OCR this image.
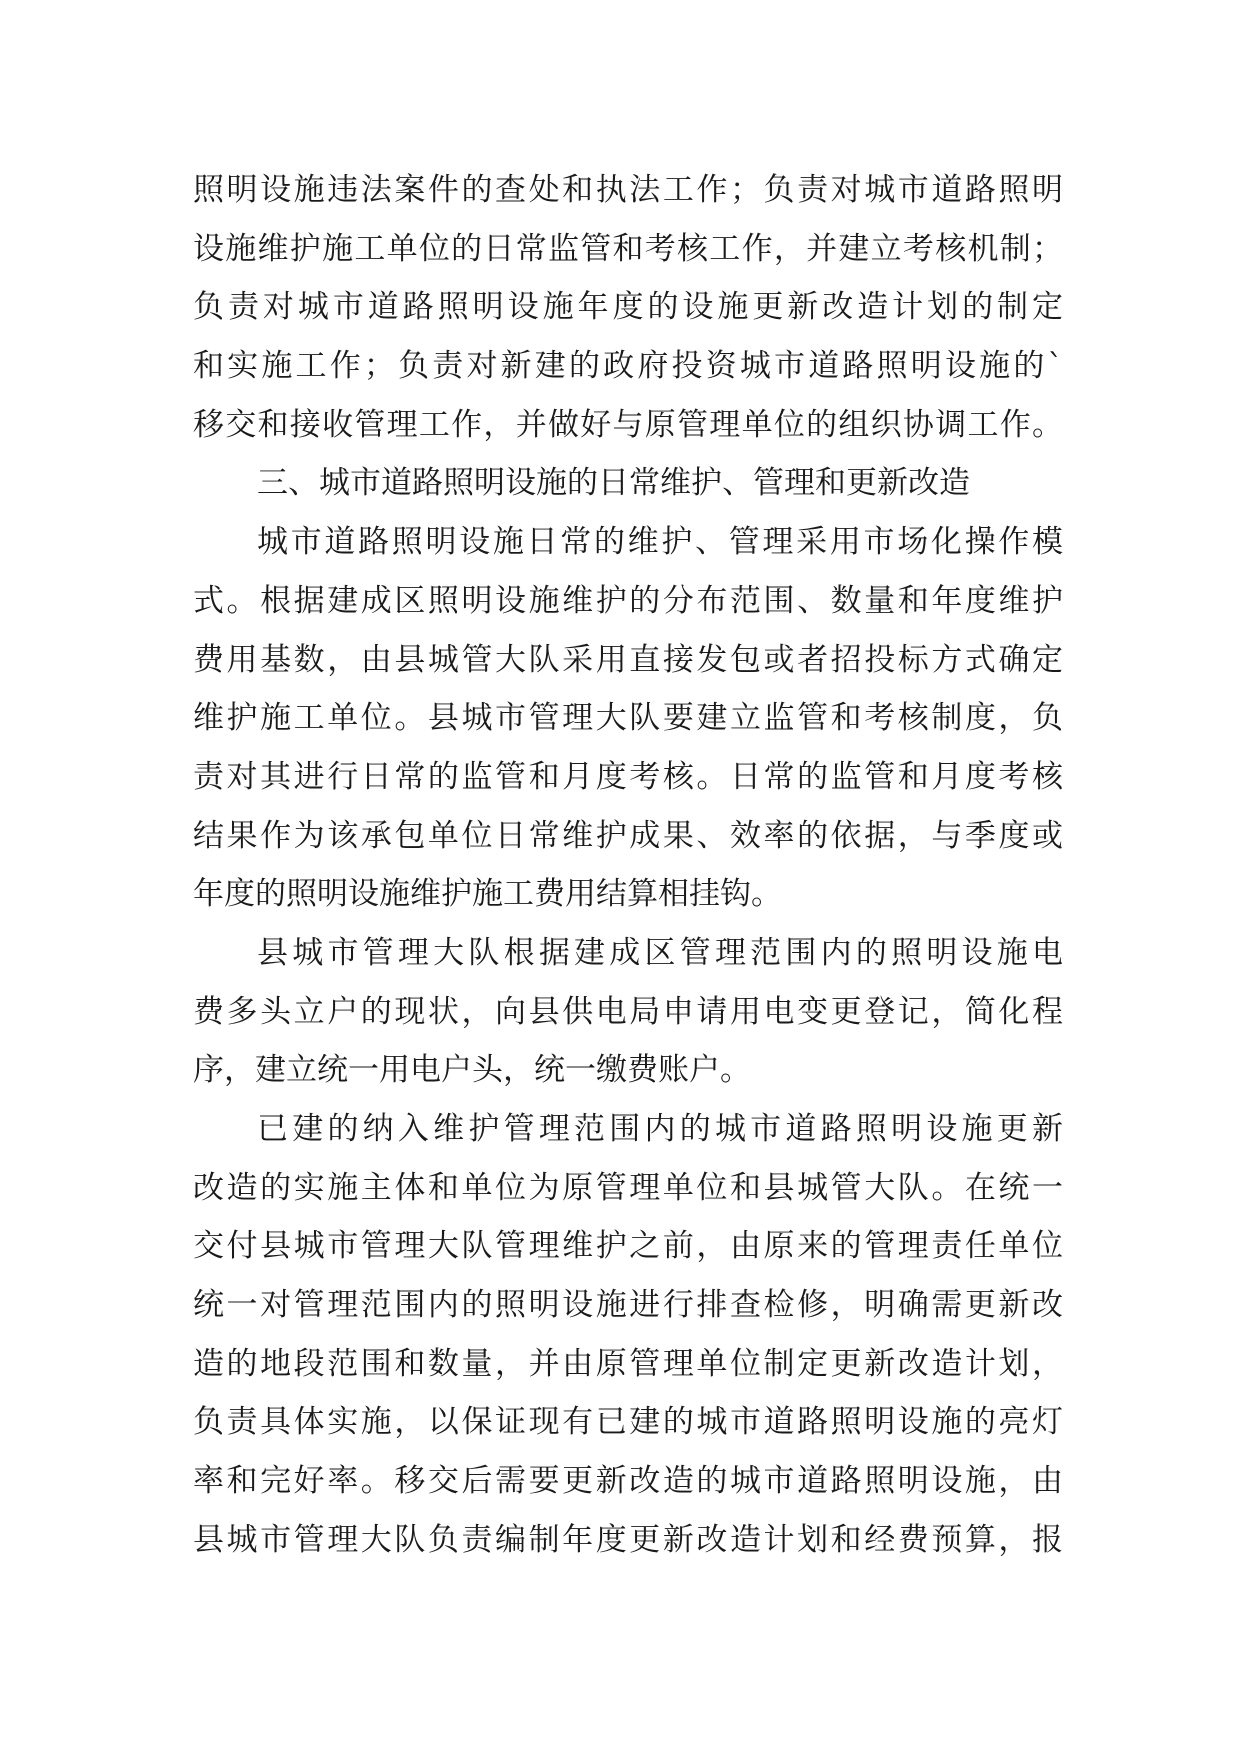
照明设施违法案件的查处和执法工作；负责对城市道路照明
设施维护施工单位的日常监管和考核工作，并建立考核机制；
负责对城市道路照明设施年度的设施更新改造计划的制定
和实施工作；负责对新建的政府投资城市道路照明设施的`
移交和接收管理工作，并做好与原管理单位的组织协调工作。
三、城市道路照明设施的日常维护、管理和更新改造
城市道路照明设施日常的维护、管理采用市场化操作模
式。根据建成区照明设施维护的分布范围、数量和年度维护
费用基数，由县城管大队采用直接发包或者招投标方式确定
维护施工单位。县城市管理大队要建立监管和考核制度，负
责对其进行日常的监管和月度考核。日常的监管和月度考核
结果作为该承包单位日常维护成果、效率的依据，与季度或
年度的照明设施维护施工费用结算相挂钩。
县城市管理大队根据建成区管理范围内的照明设施电
费多头立户的现状，向县供电局申请用电变更登记，简化程
序，建立统一用电户头，统一缴费账户。
已建的纳入维护管理范围内的城市道路照明设施更新
改造的实施主体和单位为原管理单位和县城管大队。在统一
交付县城市管理大队管理维护之前，由原来的管理责任单位
统一对管理范围内的照明设施进行排查检修，明确需更新改
造的地段范围和数量，并由原管理单位制定更新改造计划，
负责具体实施，以保证现有已建的城市道路照明设施的亮灯
率和完好率。移交后需要更新改造的城市道路照明设施，由
县城市管理大队负责编制年度更新改造计划和经费预算，报
